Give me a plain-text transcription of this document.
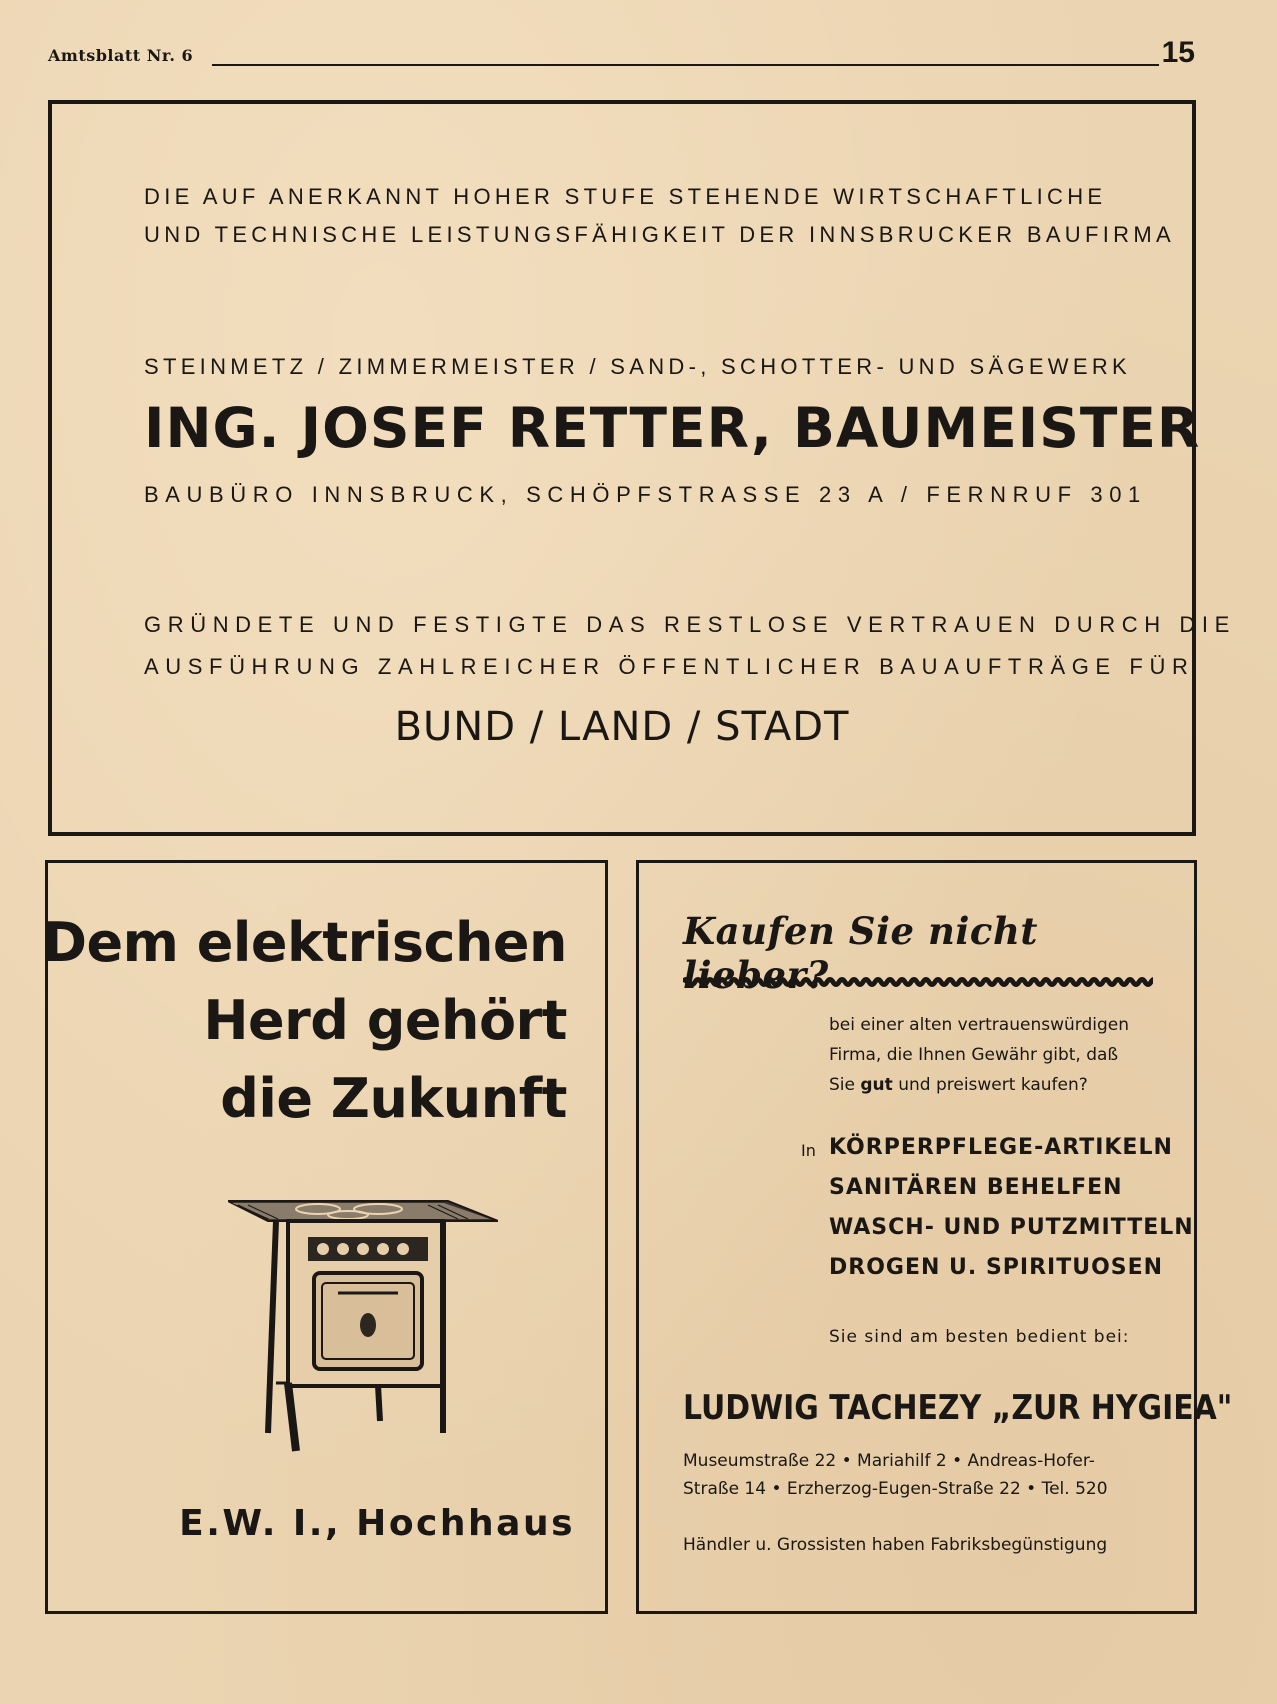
Amtsblatt Nr. 6	15
DIE AUF ANERKANNT HOHER STUFE STEHENDE WIRTSCHAFTLICHE
UND TECHNISCHE LEISTUNGSFÄHIGKEIT DER INNSBRUCKER BAUFIRMA
STEINMETZ / ZIMMERMEISTER / SAND-, SCHOTTER- UND SÄGEWERK
ING. JOSEF RETTER, BAUMEISTER
BAUBÜRO INNSBRUCK, SCHÖPFSTRASSE 23 A / FERNRUF 301
GRÜNDETE UND FESTIGTE DAS RESTLOSE VERTRAUEN DURCH DIE
AUSFÜHRUNG ZAHLREICHER ÖFFENTLICHER BAUAUFTRÄGE FÜR
BUND / LAND / STADT
Dem elektrischen
Herd gehört
die Zukunft
E.W. I., Hochhaus
Kaufen Sie nicht lieber?
bei einer alten vertrauenswürdigen
Firma, die Ihnen Gewähr gibt, daß
Sie gut und preiswert kaufen?
In KÖRPERPFLEGE-ARTIKELN
SANITÄREN BEHELFEN
WASCH- UND PUTZMITTELN
DROGEN U. SPIRITUOSEN
Sie sind am besten bedient bei:
LUDWIG TACHEZY „ZUR HYGIEA"
Museumstraße 22 • Mariahilf 2 • Andreas-Hofer-
Straße 14 • Erzherzog-Eugen-Straße 22 • Tel. 520
Händler u. Grossisten haben Fabriksbegünstigung
